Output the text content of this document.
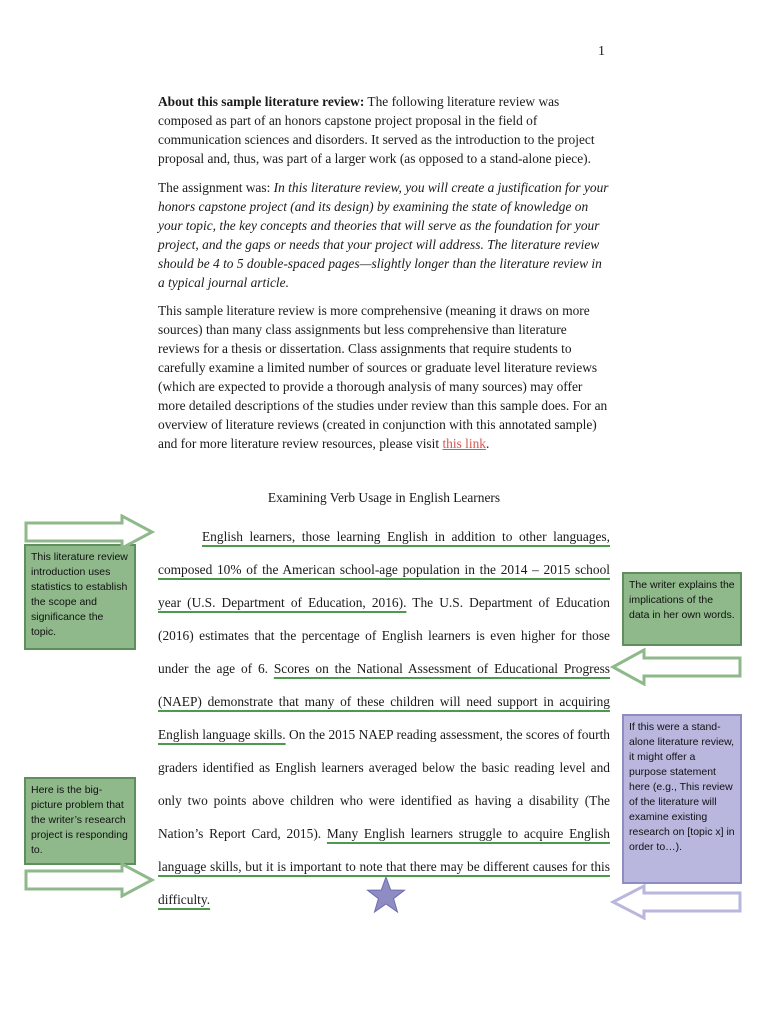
1
About this sample literature review: The following literature review was composed as part of an honors capstone project proposal in the field of communication sciences and disorders. It served as the introduction to the project proposal and, thus, was part of a larger work (as opposed to a stand-alone piece).
The assignment was: In this literature review, you will create a justification for your honors capstone project (and its design) by examining the state of knowledge on your topic, the key concepts and theories that will serve as the foundation for your project, and the gaps or needs that your project will address. The literature review should be 4 to 5 double-spaced pages—slightly longer than the literature review in a typical journal article.
This sample literature review is more comprehensive (meaning it draws on more sources) than many class assignments but less comprehensive than literature reviews for a thesis or dissertation. Class assignments that require students to carefully examine a limited number of sources or graduate level literature reviews (which are expected to provide a thorough analysis of many sources) may offer more detailed descriptions of the studies under review than this sample does. For an overview of literature reviews (created in conjunction with this annotated sample) and for more literature review resources, please visit this link.
Examining Verb Usage in English Learners
English learners, those learning English in addition to other languages, composed 10% of the American school-age population in the 2014 – 2015 school year (U.S. Department of Education, 2016). The U.S. Department of Education (2016) estimates that the percentage of English learners is even higher for those under the age of 6. Scores on the National Assessment of Educational Progress (NAEP) demonstrate that many of these children will need support in acquiring English language skills. On the 2015 NAEP reading assessment, the scores of fourth graders identified as English learners averaged below the basic reading level and only two points above children who were identified as having a disability (The Nation’s Report Card, 2015). Many English learners struggle to acquire English language skills, but it is important to note that there may be different causes for this difficulty.
This literature review introduction uses statistics to establish the scope and significance the topic.
The writer explains the implications of the data in her own words.
If this were a stand-alone literature review, it might offer a purpose statement here (e.g., This review of the literature will examine existing research on [topic x] in order to…).
Here is the big-picture problem that the writer’s research project is responding to.
